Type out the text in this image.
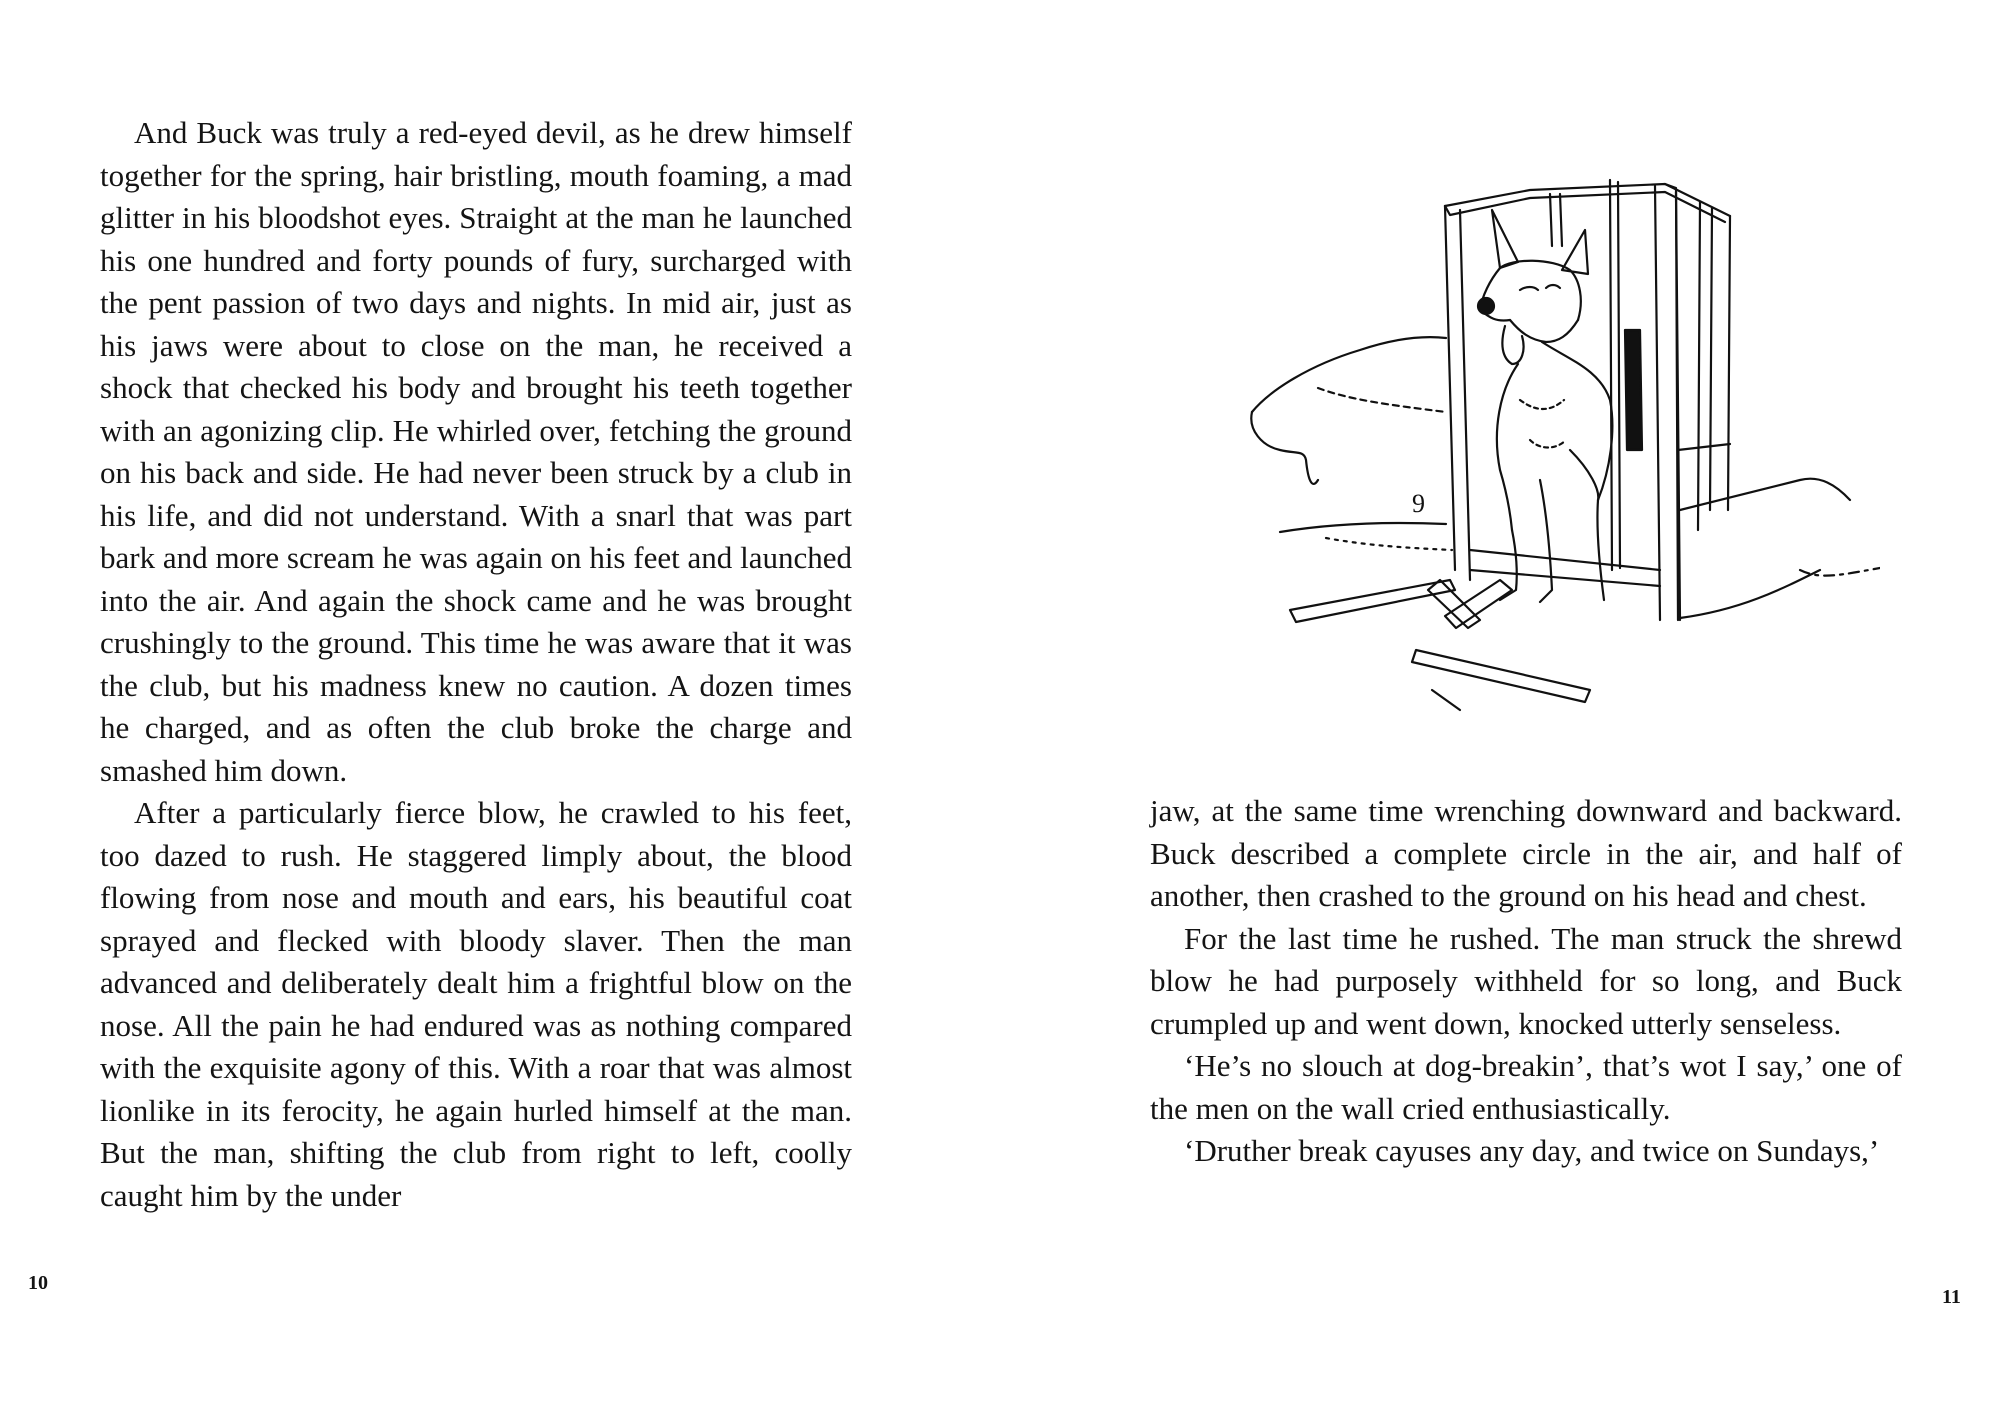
And Buck was truly a red-eyed devil, as he drew himself together for the spring, hair bristling, mouth foaming, a mad glitter in his bloodshot eyes. Straight at the man he launched his one hundred and forty pounds of fury, surcharged with the pent passion of two days and nights. In mid air, just as his jaws were about to close on the man, he received a shock that checked his body and brought his teeth together with an agonizing clip. He whirled over, fetching the ground on his back and side. He had never been struck by a club in his life, and did not understand. With a snarl that was part bark and more scream he was again on his feet and launched into the air. And again the shock came and he was brought crushingly to the ground. This time he was aware that it was the club, but his madness knew no caution. A dozen times he charged, and as often the club broke the charge and smashed him down.

After a particularly fierce blow, he crawled to his feet, too dazed to rush. He staggered limply about, the blood flowing from nose and mouth and ears, his beautiful coat sprayed and flecked with bloody slaver. Then the man advanced and deliberately dealt him a frightful blow on the nose. All the pain he had endured was as nothing compared with the exquisite agony of this. With a roar that was almost lionlike in its ferocity, he again hurled himself at the man. But the man, shifting the club from right to left, coolly caught him by the under

10
9

jaw, at the same time wrenching downward and backward. Buck described a complete circle in the air, and half of another, then crashed to the ground on his head and chest.

For the last time he rushed. The man struck the shrewd blow he had purposely withheld for so long, and Buck crumpled up and went down, knocked utterly senseless.

‘He’s no slouch at dog-breakin’, that’s wot I say,’ one of the men on the wall cried enthusiastically.

‘Druther break cayuses any day, and twice on Sundays,’

11
